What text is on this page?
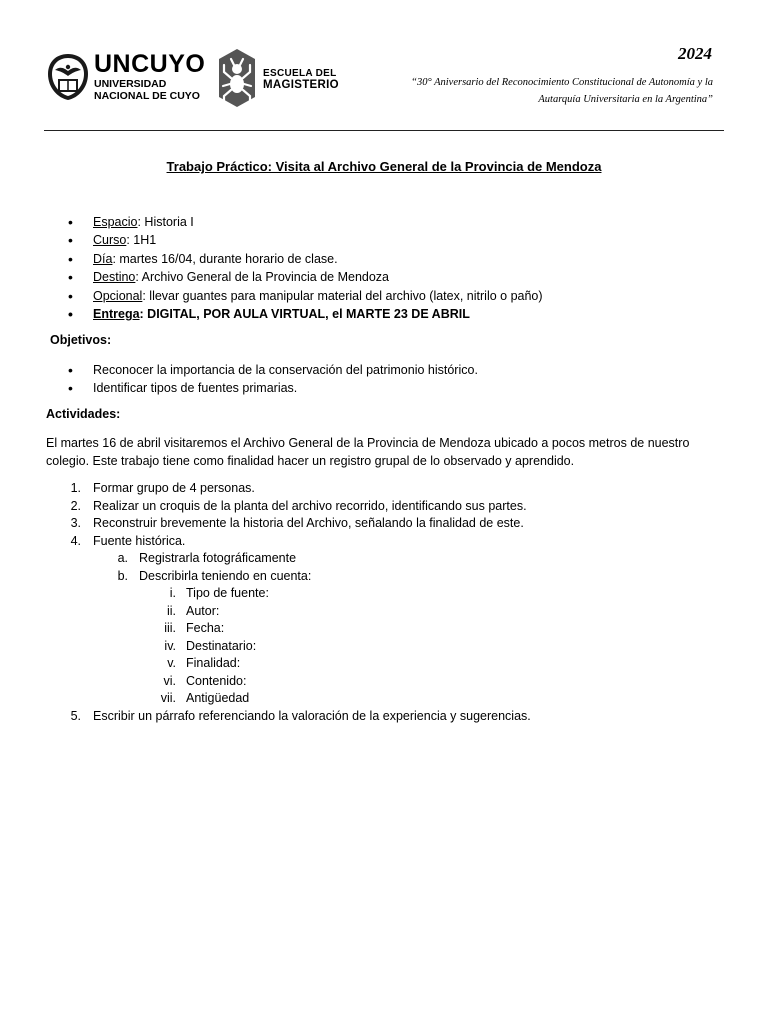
UNCUYO
UNIVERSIDAD
NACIONAL DE CUYO
ESCUELA DEL
MAGISTERIO
2024
“30° Aniversario del Reconocimiento Constitucional de Autonomía y la
Autarquía Universitaria en la Argentina”
Trabajo Práctico: Visita al Archivo General de la Provincia de Mendoza
• Espacio: Historia I
• Curso: 1H1
• Día: martes 16/04, durante horario de clase.
• Destino: Archivo General de la Provincia de Mendoza
• Opcional: llevar guantes para manipular material del archivo (latex, nitrilo o paño)
• Entrega: DIGITAL, POR AULA VIRTUAL, el MARTE 23 DE ABRIL
Objetivos:
• Reconocer la importancia de la conservación del patrimonio histórico.
• Identificar tipos de fuentes primarias.
Actividades:
El martes 16 de abril visitaremos el Archivo General de la Provincia de Mendoza ubicado a pocos metros de nuestro
colegio. Este trabajo tiene como finalidad hacer un registro grupal de lo observado y aprendido.
1. Formar grupo de 4 personas.
2. Realizar un croquis de la planta del archivo recorrido, identificando sus partes.
3. Reconstruir brevemente la historia del Archivo, señalando la finalidad de este.
4. Fuente histórica.
a. Registrarla fotográficamente
b. Describirla teniendo en cuenta:
i. Tipo de fuente:
ii. Autor:
iii. Fecha:
iv. Destinatario:
v. Finalidad:
vi. Contenido:
vii. Antigüedad
5. Escribir un párrafo referenciando la valoración de la experiencia y sugerencias.
